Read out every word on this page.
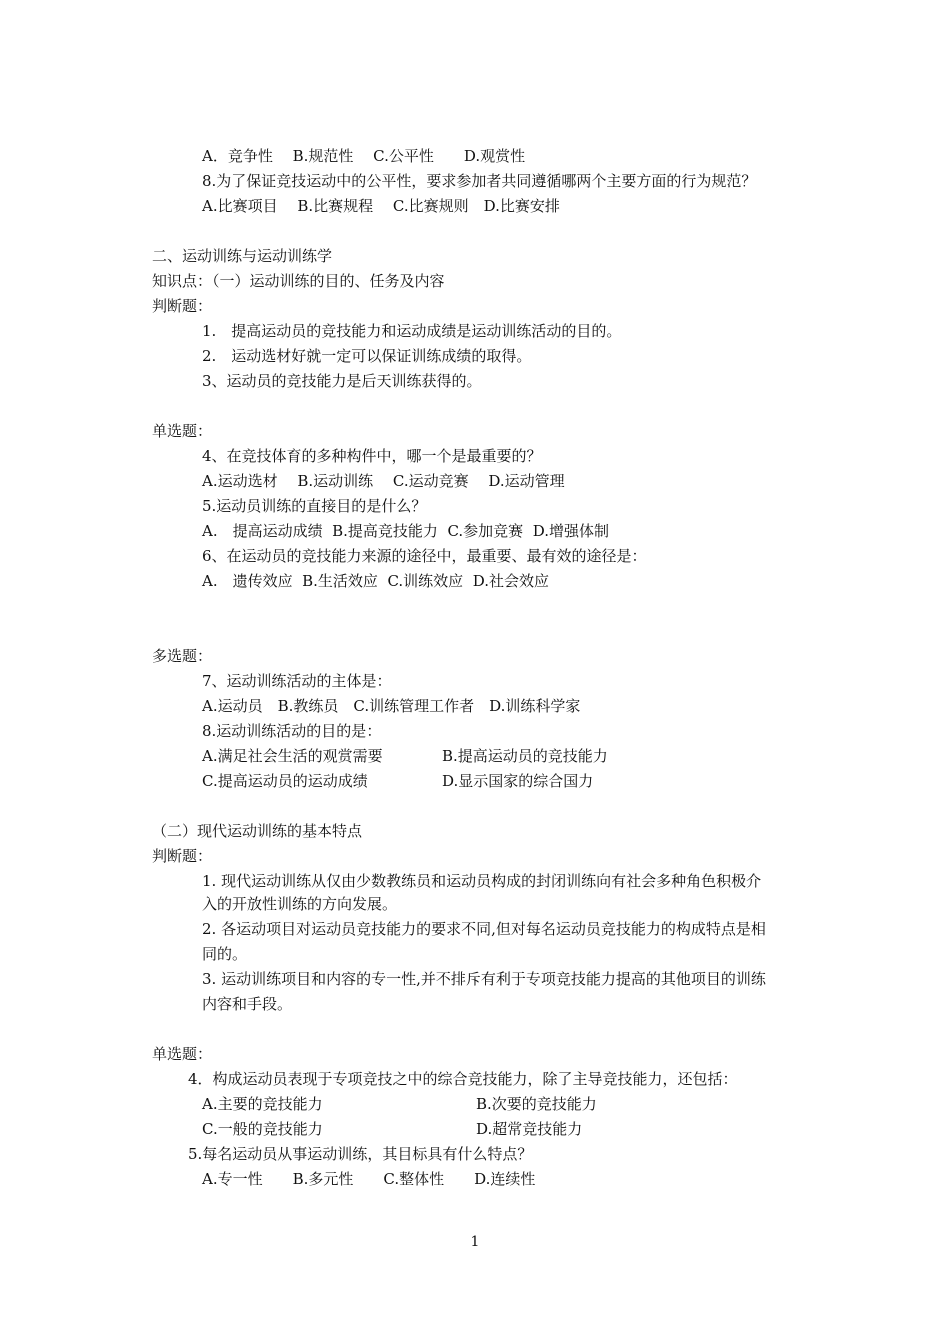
A．竞争性　 B.规范性　 C.公平性　　D.观赏性
8.为了保证竞技运动中的公平性，要求参加者共同遵循哪两个主要方面的行为规范？
A.比赛项目　 B.比赛规程　 C.比赛规则　D.比赛安排
二、运动训练与运动训练学
知识点：（一）运动训练的目的、任务及内容
判断题：
1.　提高运动员的竞技能力和运动成绩是运动训练活动的目的。
2.　运动选材好就一定可以保证训练成绩的取得。
3、运动员的竞技能力是后天训练获得的。
单选题：
4、在竞技体育的多种构件中，哪一个是最重要的？
A.运动选材　 B.运动训练　 C.运动竞赛　 D.运动管理
5.运动员训练的直接目的是什么？
A.　提高运动成绩  B.提高竞技能力  C.参加竞赛  D.增强体制
6、在运动员的竞技能力来源的途径中，最重要、最有效的途径是：
A.　遗传效应  B.生活效应  C.训练效应  D.社会效应
多选题：
7、运动训练活动的主体是：
A.运动员　B.教练员　C.训练管理工作者　D.训练科学家
8.运动训练活动的目的是：
A.满足社会生活的观赏需要	B.提高运动员的竞技能力
C.提高运动员的运动成绩	D.显示国家的综合国力
（二）现代运动训练的基本特点
判断题：
1. 现代运动训练从仅由少数教练员和运动员构成的封闭训练向有社会多种角色积极介
入的开放性训练的方向发展。
2. 各运动项目对运动员竞技能力的要求不同,但对每名运动员竞技能力的构成特点是相
同的。
3. 运动训练项目和内容的专一性,并不排斥有利于专项竞技能力提高的其他项目的训练
内容和手段。
单选题：
4．构成运动员表现于专项竞技之中的综合竞技能力，除了主导竞技能力，还包括：
A.主要的竞技能力	B.次要的竞技能力
C.一般的竞技能力	D.超常竞技能力
5.每名运动员从事运动训练，其目标具有什么特点？
A.专一性　　B.多元性　　C.整体性　　D.连续性
1
